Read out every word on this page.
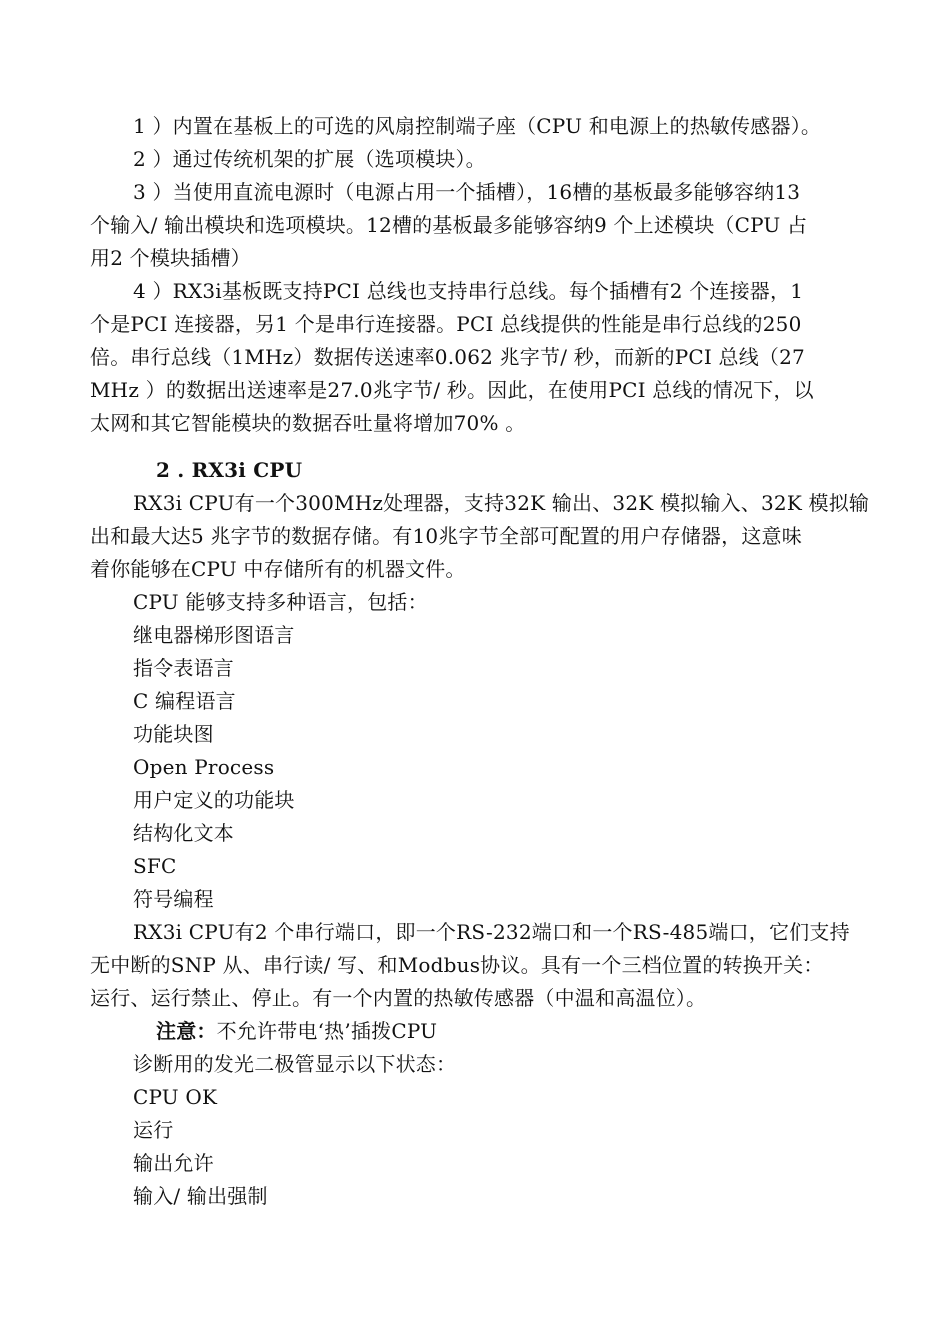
1 ）内置在基板上的可选的风扇控制端子座（CPU 和电源上的热敏传感器）。
2 ）通过传统机架的扩展（选项模块）。
3 ）当使用直流电源时（电源占用一个插槽），16槽的基板最多能够容纳13
个输入/ 输出模块和选项模块。12槽的基板最多能够容纳9 个上述模块（CPU 占
用2 个模块插槽）
4 ）RX3i基板既支持PCI 总线也支持串行总线。每个插槽有2 个连接器，1
个是PCI 连接器，另1 个是串行连接器。PCI 总线提供的性能是串行总线的250
倍。串行总线（1MHz）数据传送速率0.062 兆字节/ 秒，而新的PCI 总线（27
MHz ）的数据出送速率是27.0兆字节/ 秒。因此，在使用PCI 总线的情况下，以
太网和其它智能模块的数据吞吐量将增加70% 。
2 . RX3i CPU
RX3i CPU有一个300MHz处理器，支持32K 输出、32K 模拟输入、32K 模拟输
出和最大达5 兆字节的数据存储。有10兆字节全部可配置的用户存储器，这意味
着你能够在CPU 中存储所有的机器文件。
CPU 能够支持多种语言，包括：
继电器梯形图语言
指令表语言
C 编程语言
功能块图
Open Process
用户定义的功能块
结构化文本
SFC
符号编程
RX3i CPU有2 个串行端口，即一个RS-232端口和一个RS-485端口，它们支持
无中断的SNP 从、串行读/ 写、和Modbus协议。具有一个三档位置的转换开关：
运行、运行禁止、停止。有一个内置的热敏传感器（中温和高温位）。
注意：不允许带电‘热’插拨CPU
诊断用的发光二极管显示以下状态：
CPU OK
运行
输出允许
输入/ 输出强制
